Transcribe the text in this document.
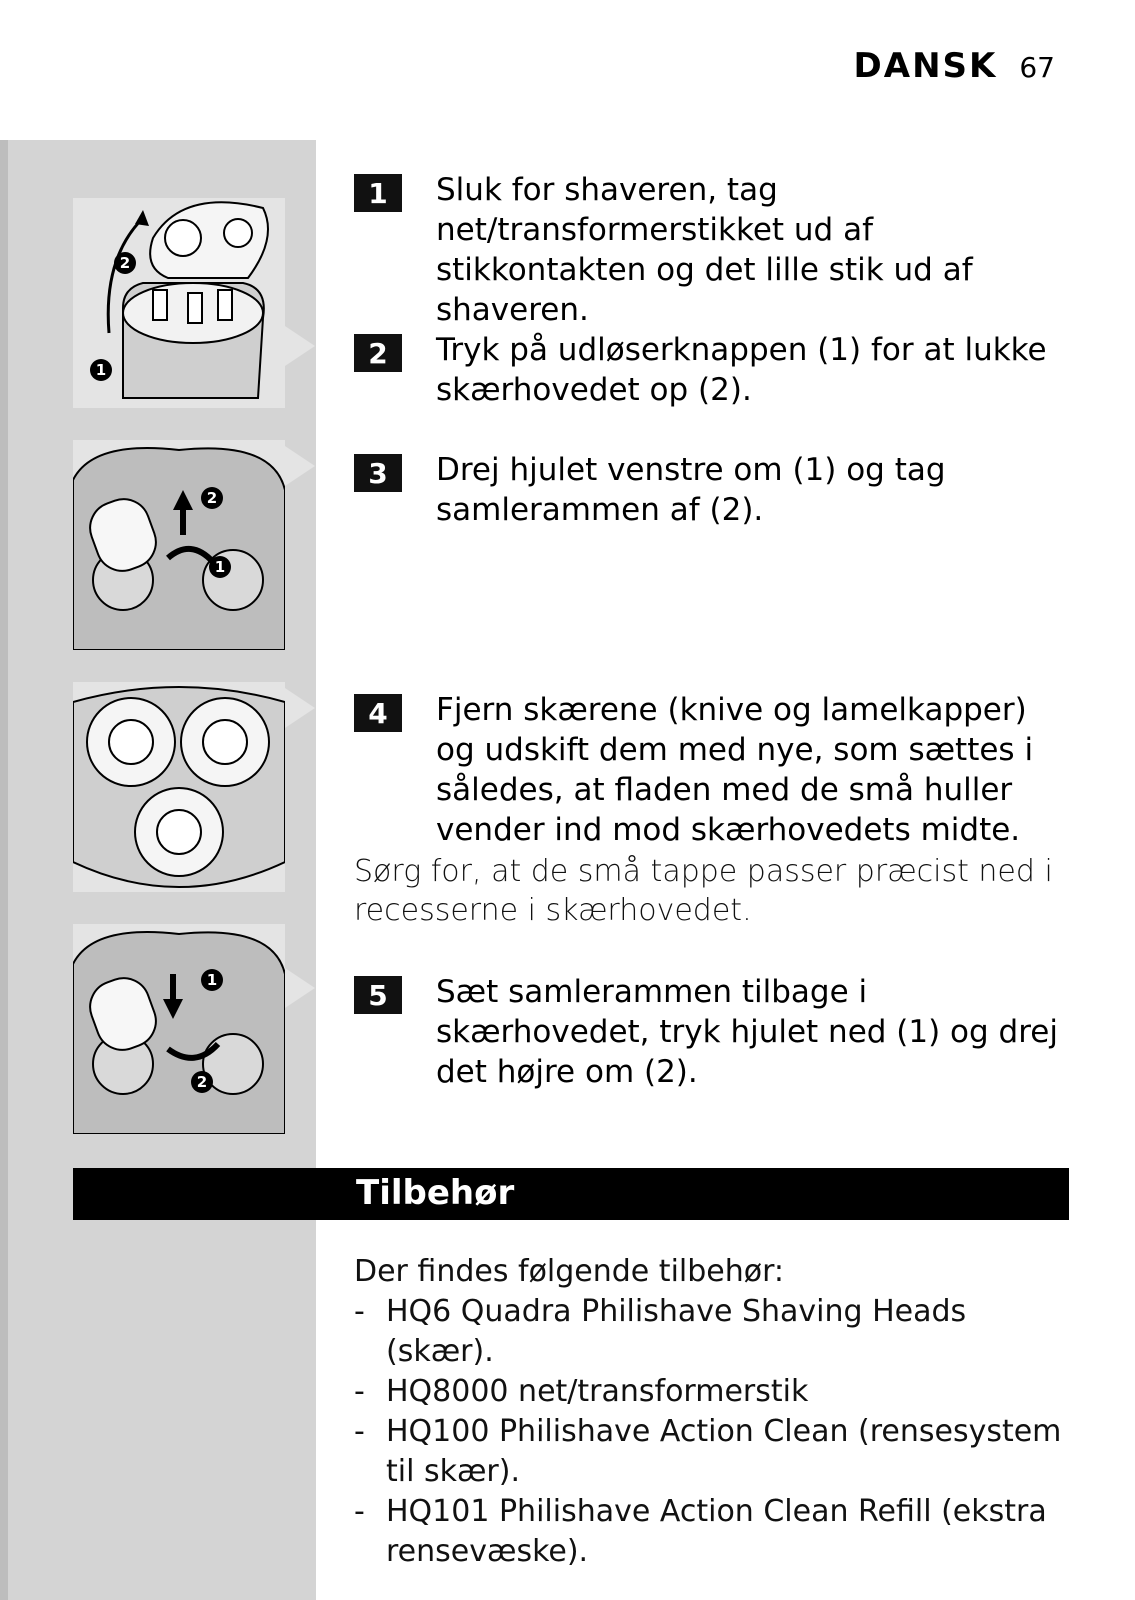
DANSK 67
2
1
2
1
1
2
1	Sluk for shaveren, tag net/transformerstikket ud af stikkontakten og det lille stik ud af shaveren.
2	Tryk på udløserknappen (1) for at lukke skærhovedet op (2).
3	Drej hjulet venstre om (1) og tag samlerammen af (2).
4	Fjern skærene (knive og lamelkapper) og udskift dem med nye, som sættes i således, at fladen med de små huller vender ind mod skærhovedets midte.
Sørg for, at de små tappe passer præcist ned i recesserne i skærhovedet.
5	Sæt samlerammen tilbage i skærhovedet, tryk hjulet ned (1) og drej det højre om (2).
Tilbehør
Der findes følgende tilbehør:
- HQ6 Quadra Philishave Shaving Heads (skær).
- HQ8000 net/transformerstik
- HQ100 Philishave Action Clean (rensesystem til skær).
- HQ101 Philishave Action Clean Refill (ekstra rensevæske).
